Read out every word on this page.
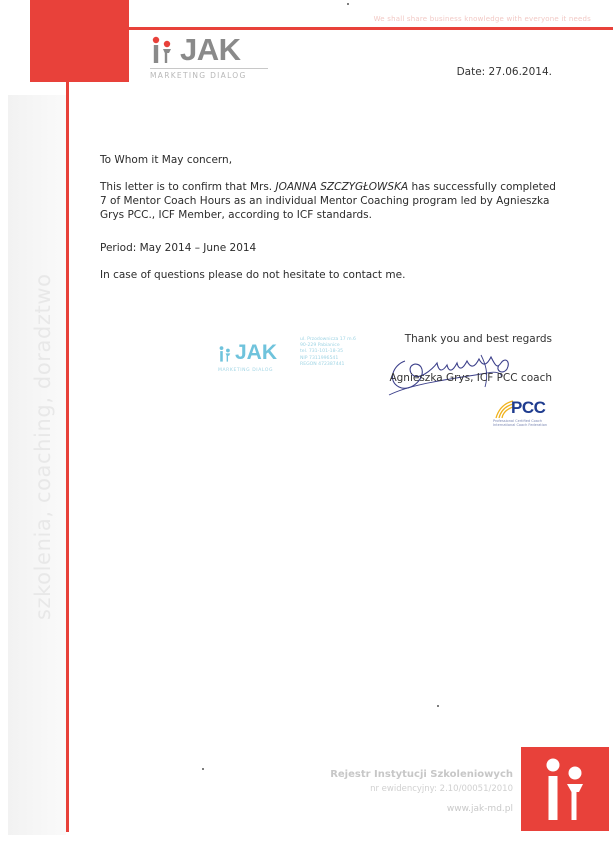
We shall share business knowledge with everyone it needs
JAK
MARKETING DIALOG	Date: 27.06.2014.
To Whom it May concern,
This letter is to confirm that Mrs. JOANNA SZCZYGŁOWSKA has successfully completed 7 of Mentor Coach Hours as an individual Mentor Coaching program led by Agnieszka Grys PCC., ICF Member, according to ICF standards.
Period: May 2014 – June 2014
In case of questions please do not hesitate to contact me.
JAK
MARKETING DIALOG
ul. Przodownicza 17 m.6
90-229 Pabianice
tel. 731-101-18-35
NIP 7311996541
REGON 472387441
Thank you and best regards
Agnieszka Grys, ICF PCC coach
PCC
Professional Certified Coach International Coach Federation
szkolenia, coaching, doradztwo
Rejestr Instytucji Szkoleniowych
nr ewidencyjny: 2.10/00051/2010
www.jak-md.pl
